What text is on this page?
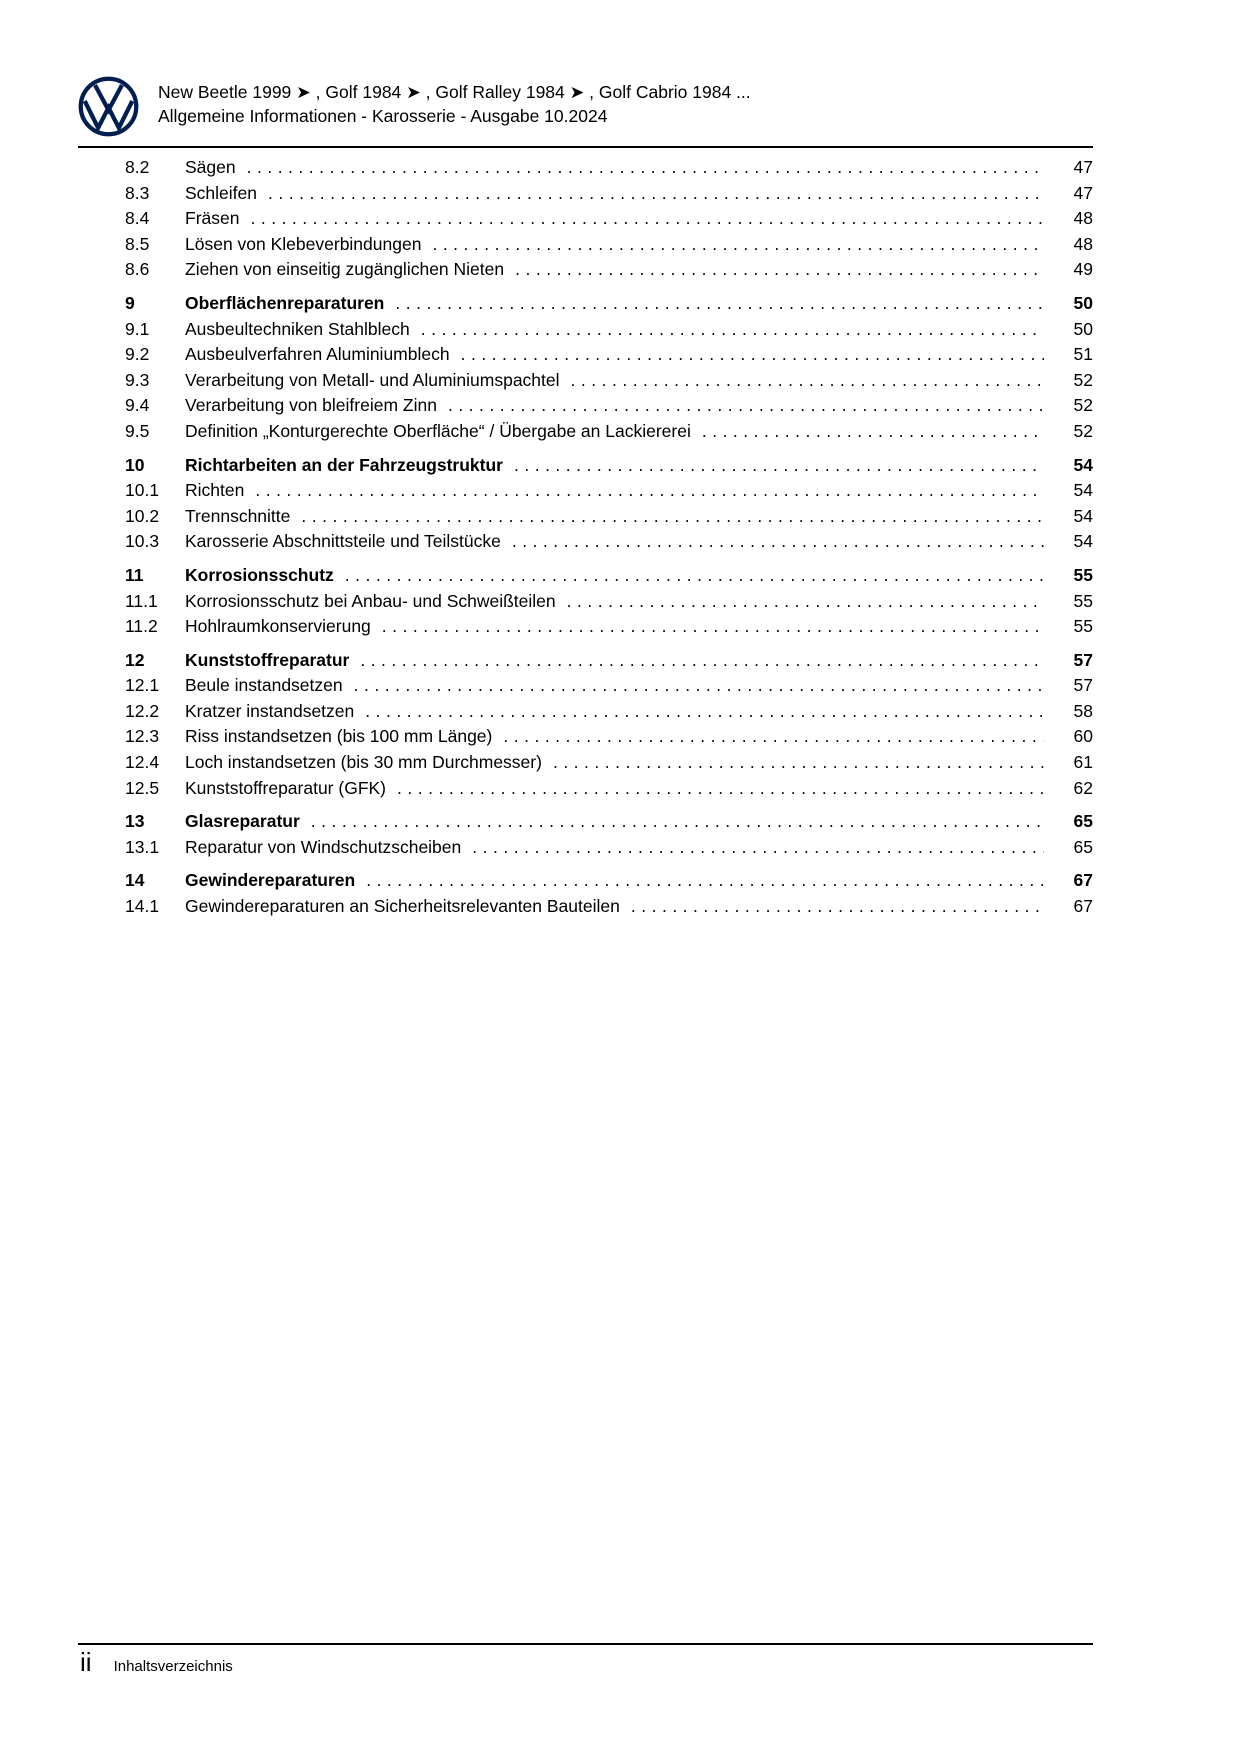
New Beetle 1999 ➤ , Golf 1984 ➤ , Golf Ralley 1984 ➤ , Golf Cabrio 1984 ...
Allgemeine Informationen - Karosserie - Ausgabe 10.2024
8.2	Sägen .....	47
8.3	Schleifen .....	47
8.4	Fräsen .....	48
8.5	Lösen von Klebeverbindungen .....	48
8.6	Ziehen von einseitig zugänglichen Nieten .....	49
9	Oberflächenreparaturen .....	50
9.1	Ausbeultechniken Stahlblech .....	50
9.2	Ausbeulverfahren Aluminiumblech .....	51
9.3	Verarbeitung von Metall- und Aluminiumspachtel .....	52
9.4	Verarbeitung von bleifreiem Zinn .....	52
9.5	Definition „Konturgerechte Oberfläche“ / Übergabe an Lackiererei .....	52
10	Richtarbeiten an der Fahrzeugstruktur .....	54
10.1	Richten .....	54
10.2	Trennschnitte .....	54
10.3	Karosserie Abschnittsteile und Teilstücke .....	54
11	Korrosionsschutz .....	55
11.1	Korrosionsschutz bei Anbau- und Schweißteilen .....	55
11.2	Hohlraumkonservierung .....	55
12	Kunststoffreparatur .....	57
12.1	Beule instandsetzen .....	57
12.2	Kratzer instandsetzen .....	58
12.3	Riss instandsetzen (bis 100 mm Länge) .....	60
12.4	Loch instandsetzen (bis 30 mm Durchmesser) .....	61
12.5	Kunststoffreparatur (GFK) .....	62
13	Glasreparatur .....	65
13.1	Reparatur von Windschutzscheiben .....	65
14	Gewindereparaturen .....	67
14.1	Gewindereparaturen an Sicherheitsrelevanten Bauteilen .....	67
ii Inhaltsverzeichnis
